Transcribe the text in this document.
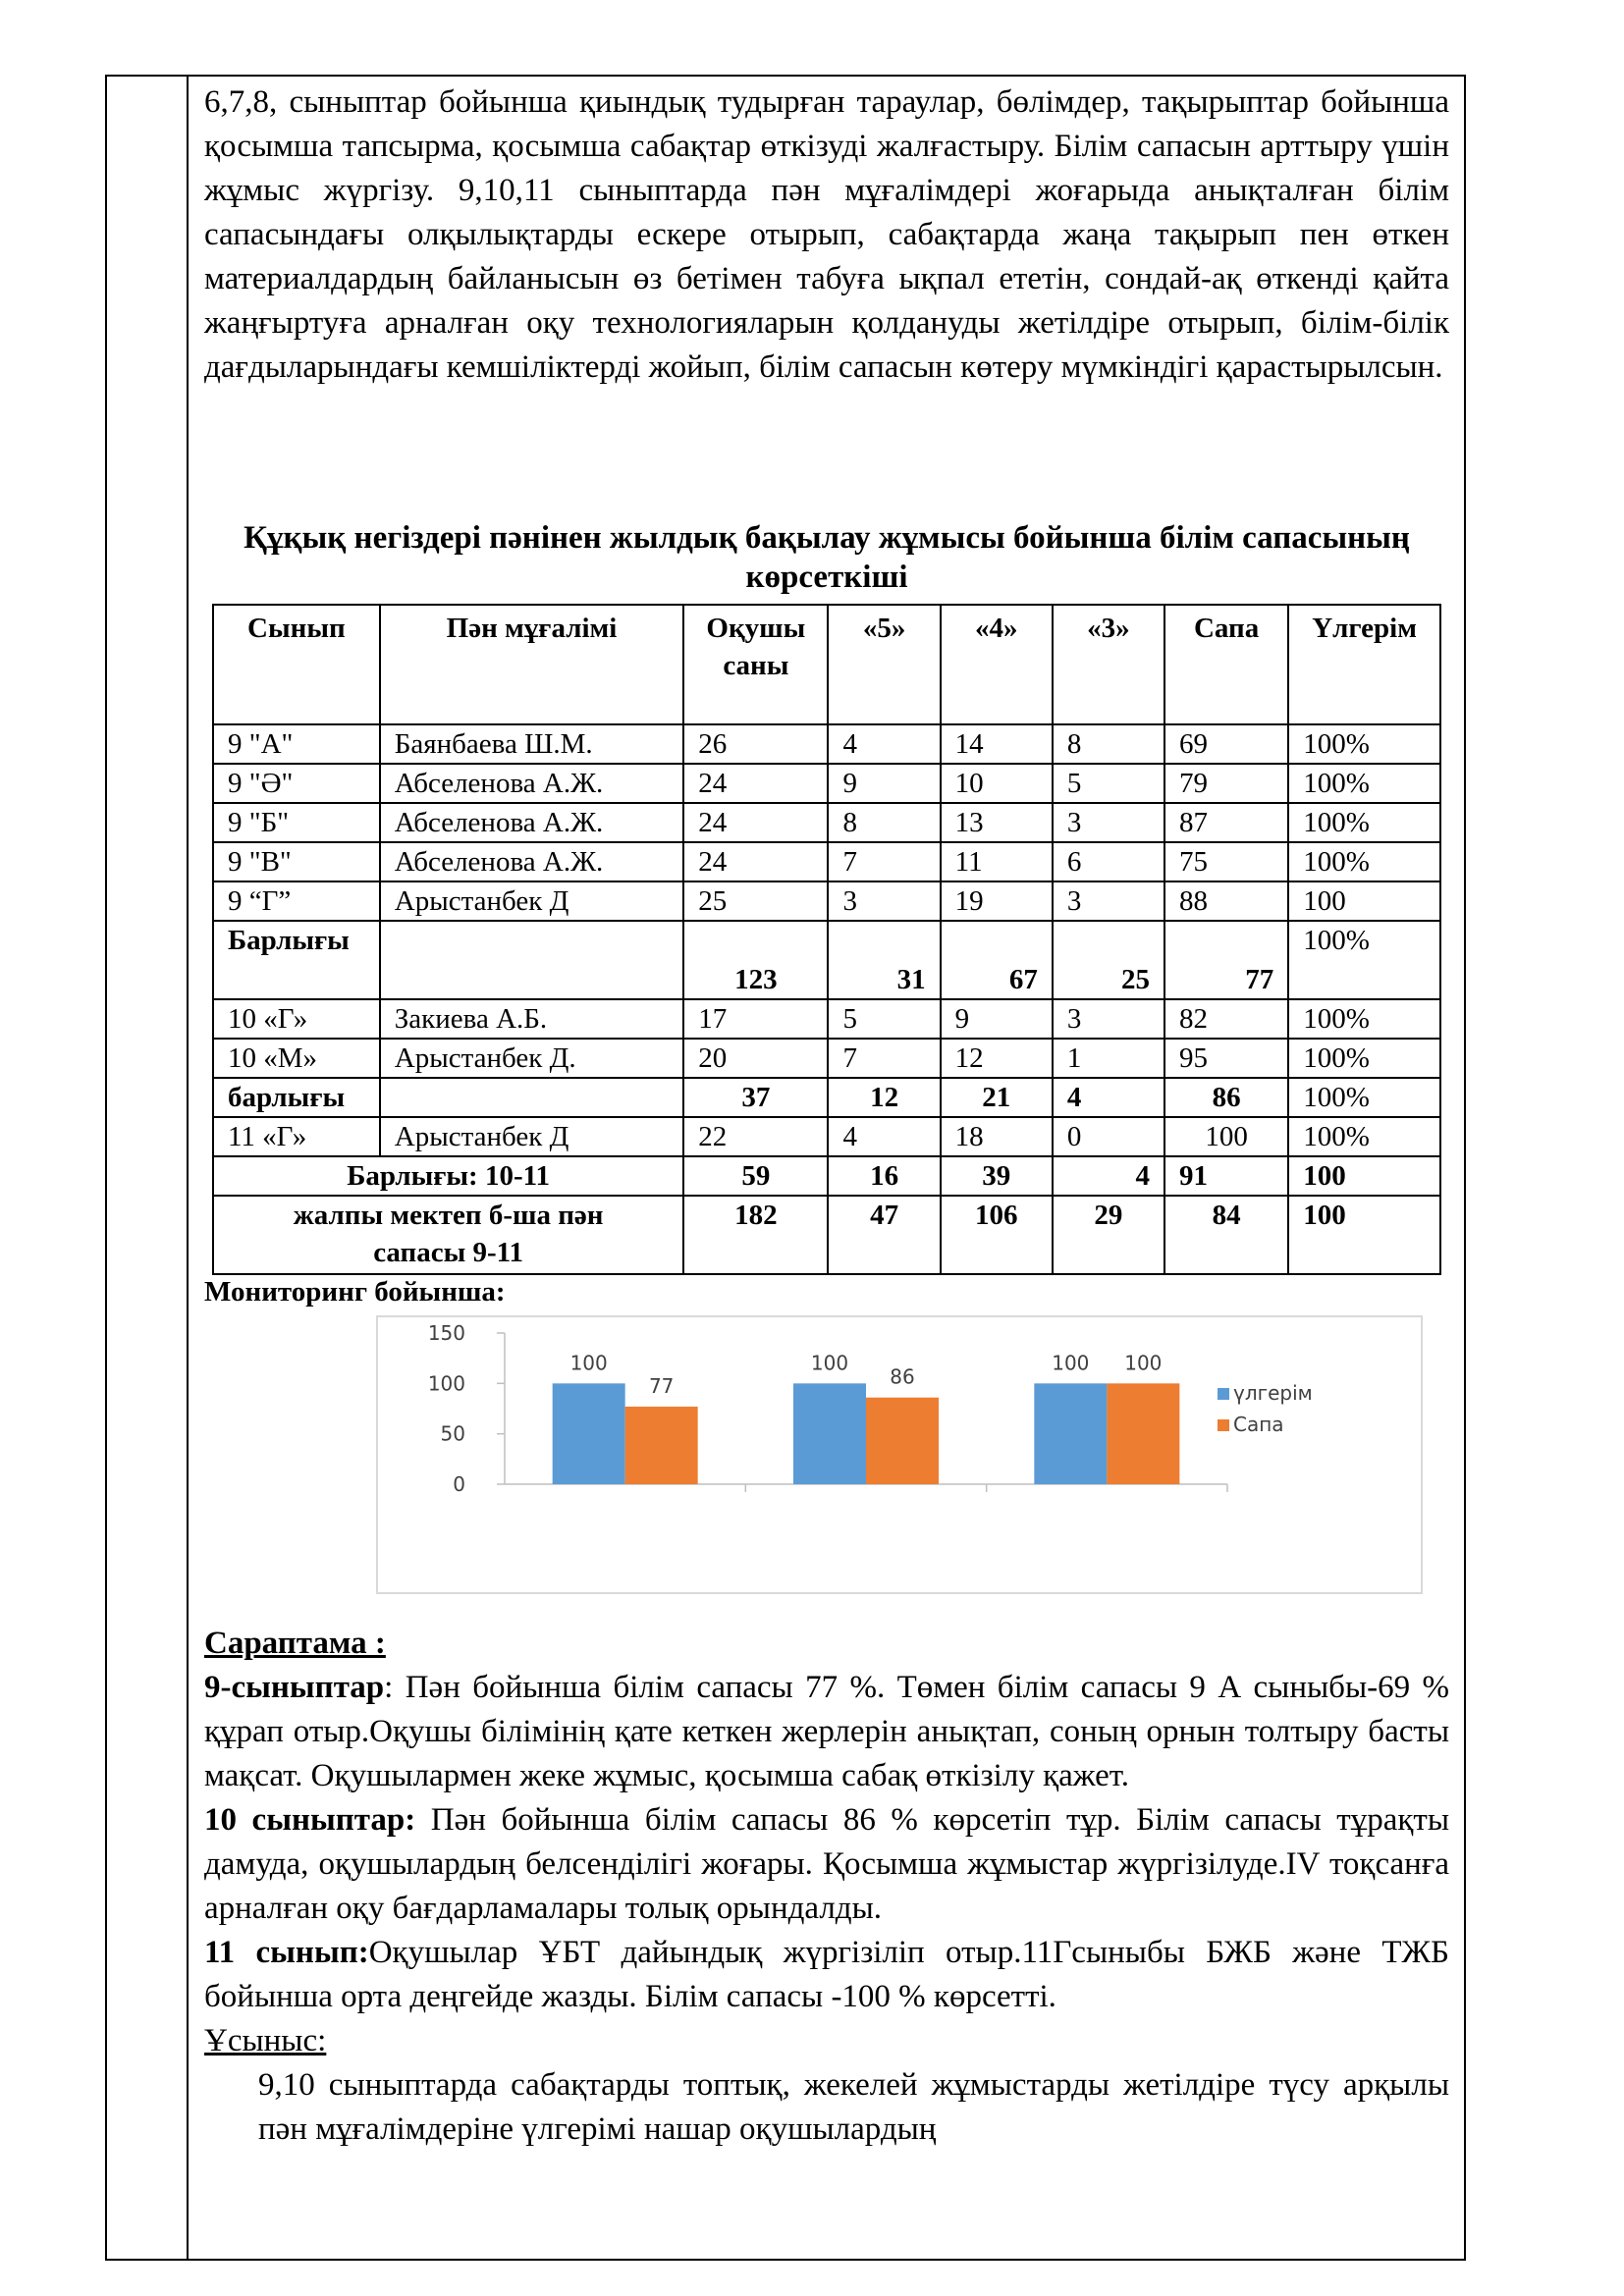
6,7,8, сыныптар бойынша қиындық тудырған тараулар, бөлімдер, тақырыптар бойынша қосымша тапсырма, қосымша сабақтар өткізуді жалғастыру. Білім сапасын арттыру үшін жұмыс жүргізу. 9,10,11 сыныптарда пән мұғалімдері жоғарыда анықталған білім сапасындағы олқылықтарды ескере отырып, сабақтарда жаңа тақырып пен өткен материалдардың байланысын өз бетімен табуға ықпал ететін, сондай-ақ өткенді қайта жаңғыртуға арналған оқу технологияларын қолдануды жетілдіре отырып, білім-білік дағдыларындағы кемшіліктерді жойып, білім сапасын көтеру мүмкіндігі қарастырылсын.

Құқық негіздері пәнінен жылдық бақылау жұмысы бойынша білім сапасының көрсеткіші

Сынып	Пән мұғалімі	Оқушы саны	«5»	«4»	«3»	Сапа	Үлгерім
9 "А"	Баянбаева Ш.М.	26	4	14	8	69	100%
9 "Ә"	Абселенова А.Ж.	24	9	10	5	79	100%
9 "Б"	Абселенова А.Ж.	24	8	13	3	87	100%
9 "В"	Абселенова А.Ж.	24	7	11	6	75	100%
9 “Г”	Арыстанбек Д	25	3	19	3	88	100
Барлығы		123	31	67	25	77	100%
10 «Г»	Закиева А.Б.	17	5	9	3	82	100%
10 «М»	Арыстанбек Д.	20	7	12	1	95	100%
барлығы		37	12	21	4	86	100%
11 «Г»	Арыстанбек Д	22	4	18	0	100	100%
Барлығы: 10-11		59	16	39	4	91	100
жалпы мектеп б-ша пән сапасы 9-11		182	47	106	29	84	100

Мониторинг бойынша:

0
50
100
150
100
77
100
86
100 100
үлгерім
Сапа

Сараптама :

9-сыныптар: Пән бойынша білім сапасы 77 %. Төмен білім сапасы 9 А сыныбы-69 % құрап отыр.Оқушы білімінің қате кеткен жерлерін анықтап, соның орнын толтыру басты мақсат. Оқушылармен жеке жұмыс, қосымша сабақ өткізілу қажет.

10 сыныптар: Пән бойынша білім сапасы 86 % көрсетіп тұр. Білім сапасы тұрақты дамуда, оқушылардың белсенділігі жоғары. Қосымша жұмыстар жүргізілуде.IV тоқсанға арналған оқу бағдарламалары толық орындалды.

11 сынып:Оқушылар ҰБТ дайындық жүргізіліп отыр.11Гсыныбы БЖБ және ТЖБ бойынша орта деңгейде жазды. Білім сапасы -100 % көрсетті.

Ұсыныс:

9,10 сыныптарда сабақтарды топтық, жекелей жұмыстарды жетілдіре түсу арқылы пән мұғалімдеріне үлгерімі нашар оқушылардың
